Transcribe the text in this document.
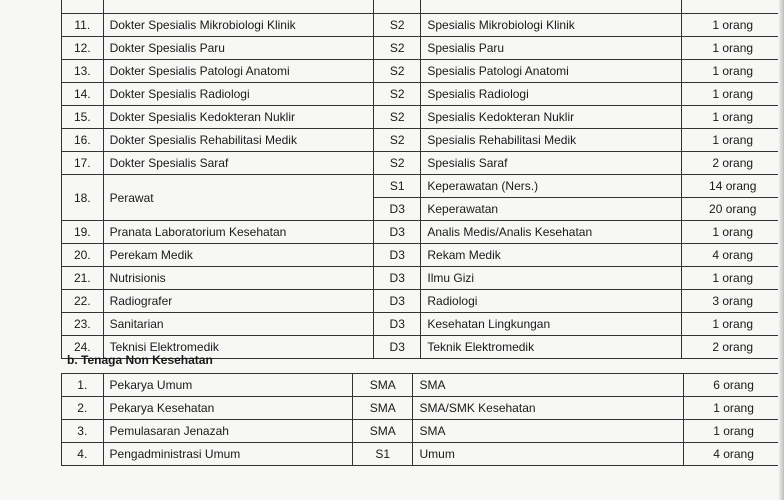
11.	Dokter Spesialis Mikrobiologi Klinik	S2	Spesialis Mikrobiologi Klinik	1 orang
12.	Dokter Spesialis Paru	S2	Spesialis Paru	1 orang
13.	Dokter Spesialis Patologi Anatomi	S2	Spesialis Patologi Anatomi	1 orang
14.	Dokter Spesialis Radiologi	S2	Spesialis Radiologi	1 orang
15.	Dokter Spesialis Kedokteran Nuklir	S2	Spesialis Kedokteran Nuklir	1 orang
16.	Dokter Spesialis Rehabilitasi Medik	S2	Spesialis Rehabilitasi Medik	1 orang
17.	Dokter Spesialis Saraf	S2	Spesialis Saraf	2 orang
18.	Perawat	S1	Keperawatan (Ners.)	14 orang
		D3	Keperawatan	20 orang
19.	Pranata Laboratorium Kesehatan	D3	Analis Medis/Analis Kesehatan	1 orang
20.	Perekam Medik	D3	Rekam Medik	4 orang
21.	Nutrisionis	D3	Ilmu Gizi	1 orang
22.	Radiografer	D3	Radiologi	3 orang
23.	Sanitarian	D3	Kesehatan Lingkungan	1 orang
24.	Teknisi Elektromedik	D3	Teknik Elektromedik	2 orang
b. Tenaga Non Kesehatan
1.	Pekarya Umum	SMA	SMA	6 orang
2.	Pekarya Kesehatan	SMA	SMA/SMK Kesehatan	1 orang
3.	Pemulasaran Jenazah	SMA	SMA	1 orang
4.	Pengadministrasi Umum	S1	Umum	4 orang
